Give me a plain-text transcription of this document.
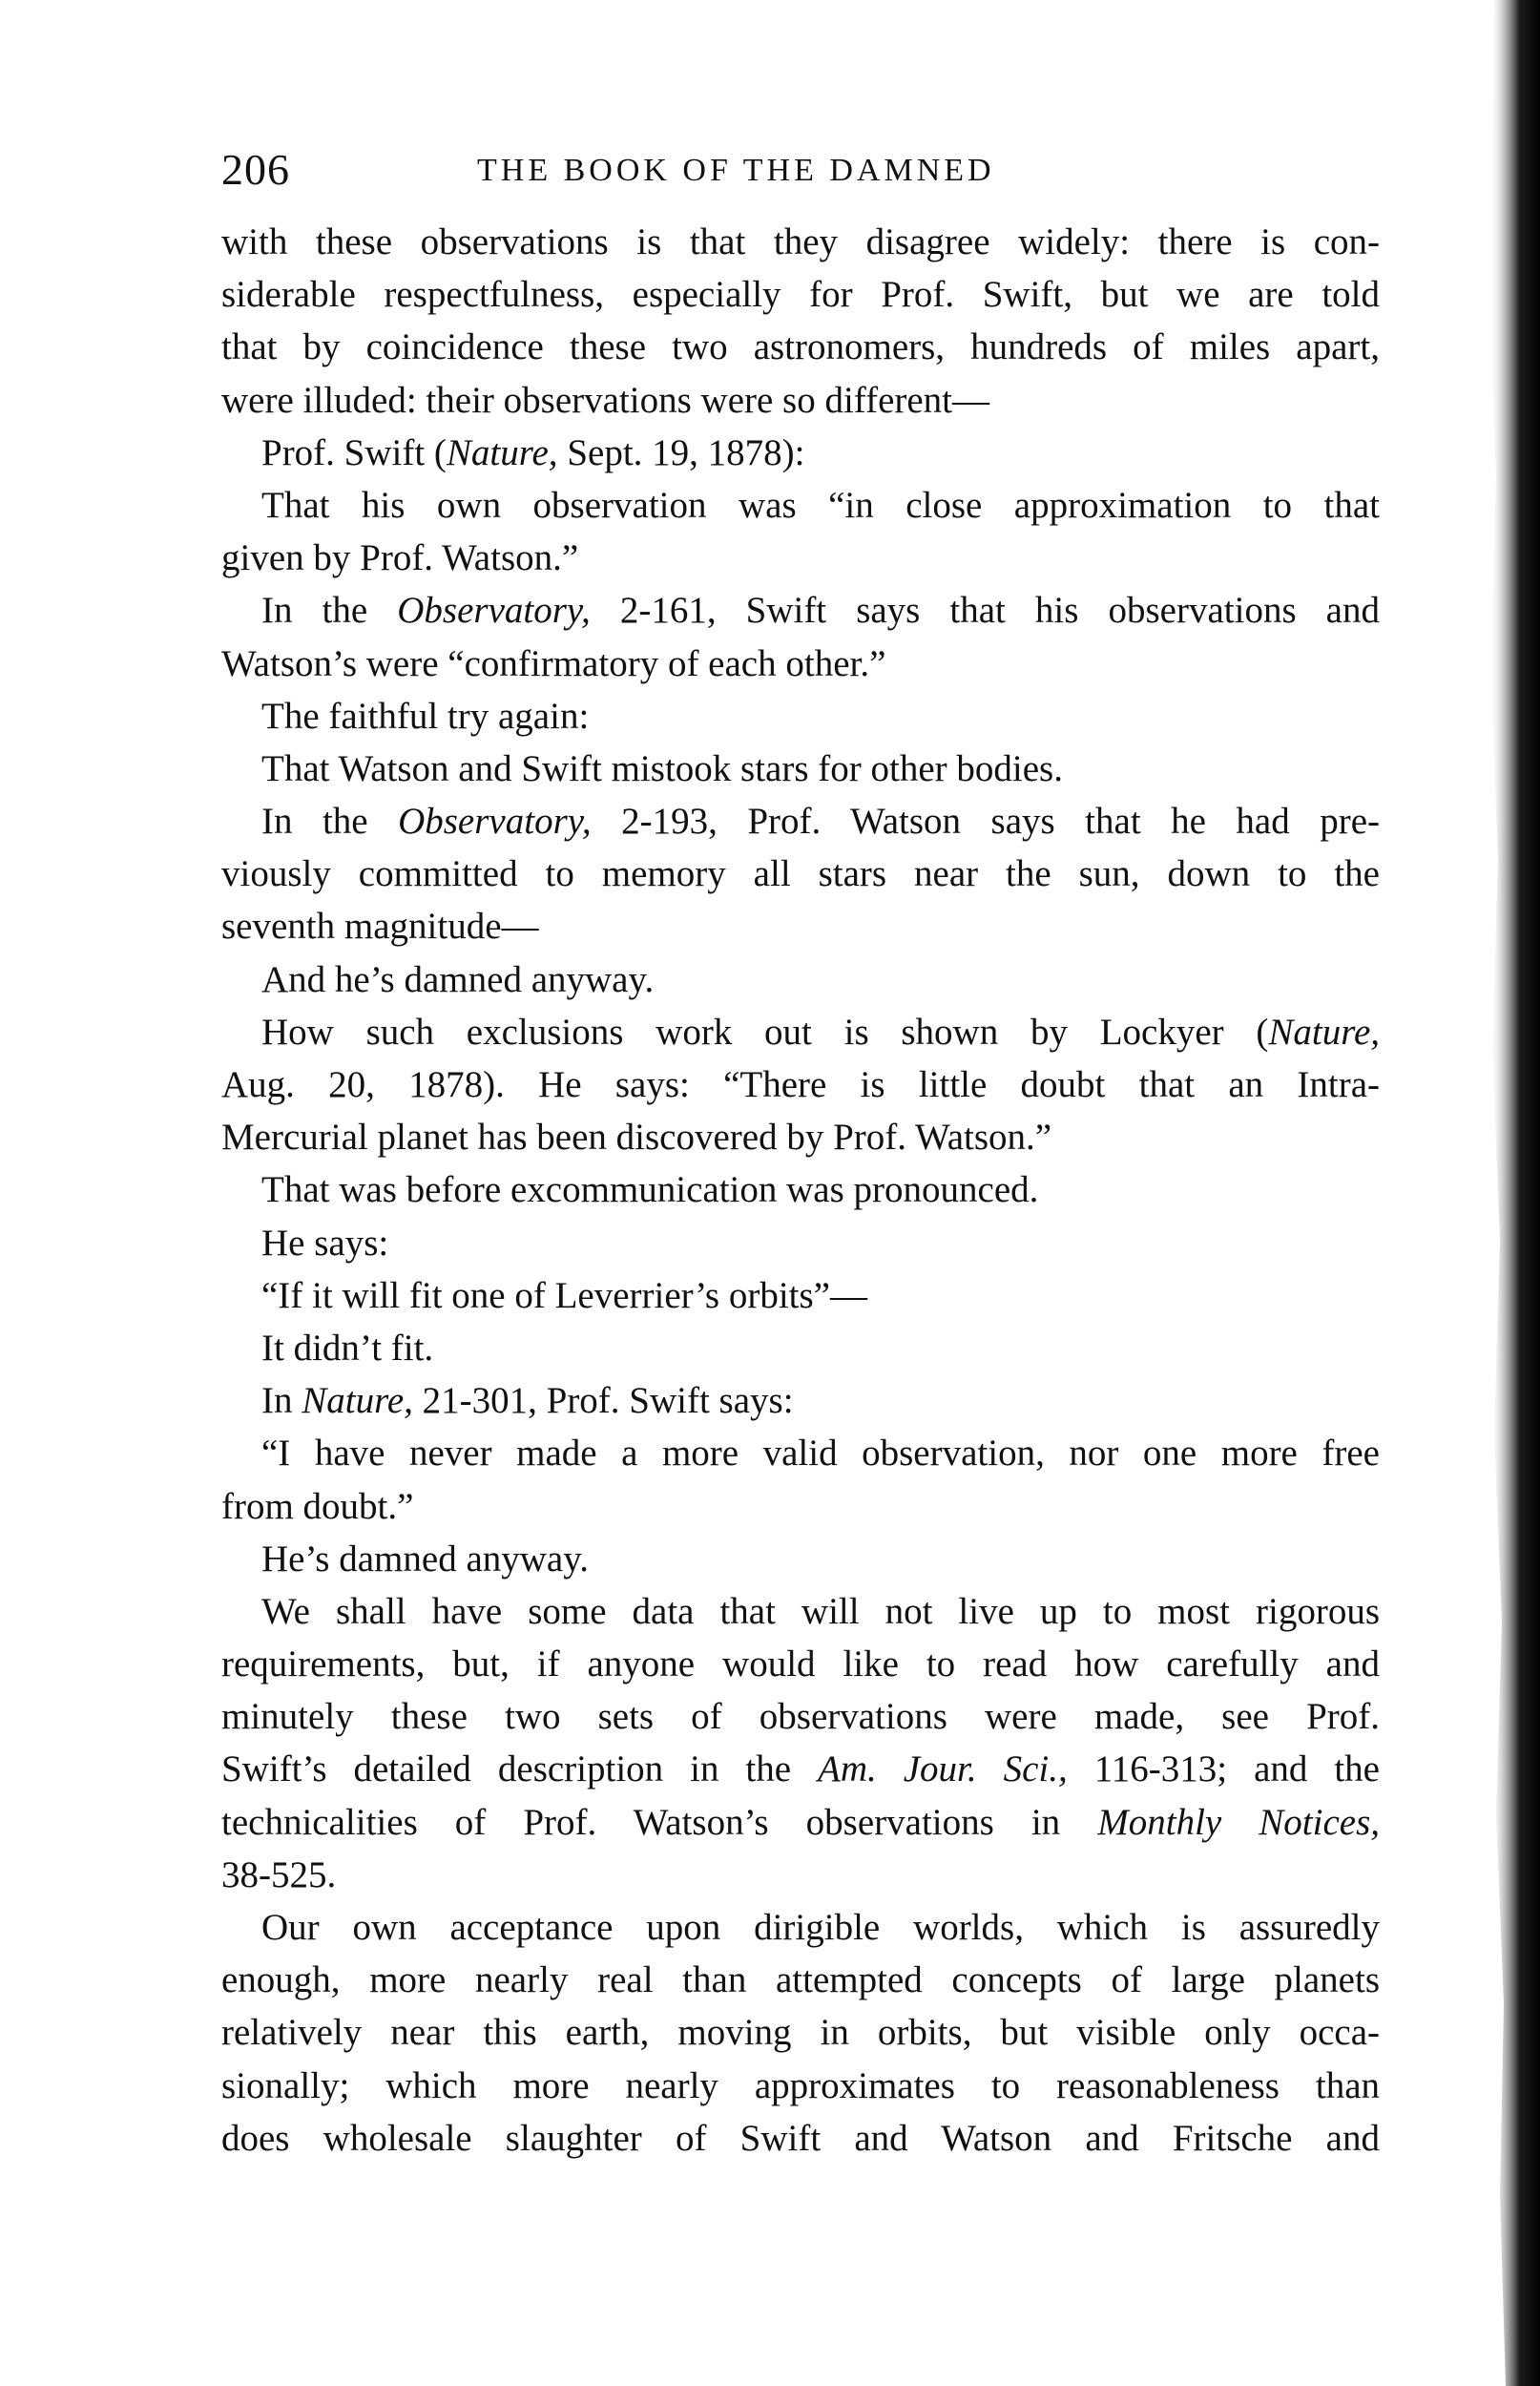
206	THE BOOK OF THE DAMNED
with these observations is that they disagree widely: there is con-
siderable respectfulness, especially for Prof. Swift, but we are told
that by coincidence these two astronomers, hundreds of miles apart,
were illuded: their observations were so different—
Prof. Swift (Nature, Sept. 19, 1878):
That his own observation was “in close approximation to that
given by Prof. Watson.”
In the Observatory, 2-161, Swift says that his observations and
Watson’s were “confirmatory of each other.”
The faithful try again:
That Watson and Swift mistook stars for other bodies.
In the Observatory, 2-193, Prof. Watson says that he had pre-
viously committed to memory all stars near the sun, down to the
seventh magnitude—
And he’s damned anyway.
How such exclusions work out is shown by Lockyer (Nature,
Aug. 20, 1878). He says: “There is little doubt that an Intra-
Mercurial planet has been discovered by Prof. Watson.”
That was before excommunication was pronounced.
He says:
“If it will fit one of Leverrier’s orbits”—
It didn’t fit.
In Nature, 21-301, Prof. Swift says:
“I have never made a more valid observation, nor one more free
from doubt.”
He’s damned anyway.
We shall have some data that will not live up to most rigorous
requirements, but, if anyone would like to read how carefully and
minutely these two sets of observations were made, see Prof.
Swift’s detailed description in the Am. Jour. Sci., 116-313; and the
technicalities of Prof. Watson’s observations in Monthly Notices,
38-525.
Our own acceptance upon dirigible worlds, which is assuredly
enough, more nearly real than attempted concepts of large planets
relatively near this earth, moving in orbits, but visible only occa-
sionally; which more nearly approximates to reasonableness than
does wholesale slaughter of Swift and Watson and Fritsche and
